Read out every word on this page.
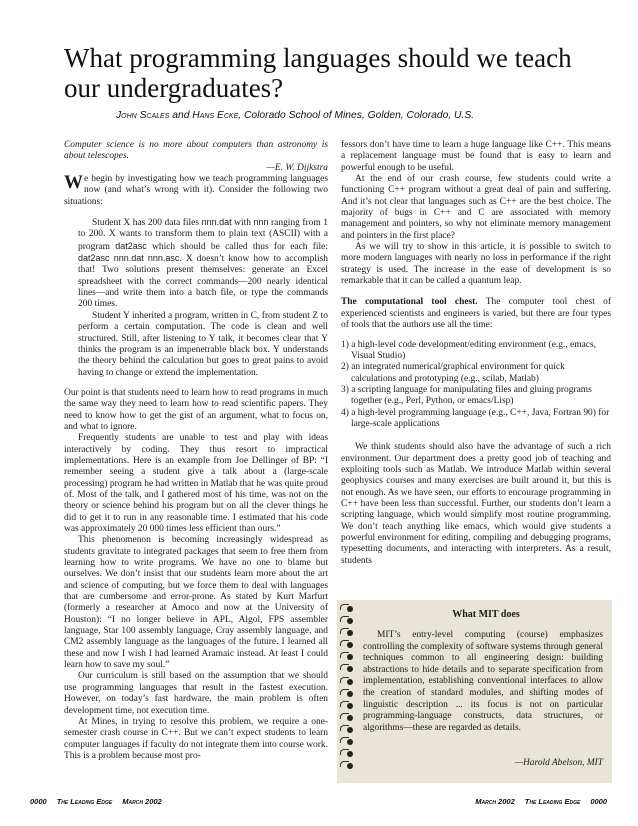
What programming languages should we teach our undergraduates?
John Scales and Hans Ecke, Colorado School of Mines, Golden, Colorado, U.S.

Computer science is no more about computers than astronomy is about telescopes.

—E. W. Dijkstra

We begin by investigating how we teach programming languages now (and what’s wrong with it). Consider the following two situations:

Student X has 200 data files nnn.dat with nnn ranging from 1 to 200. X wants to transform them to plain text (ASCII) with a program dat2asc which should be called thus for each file: dat2asc nnn.dat nnn.asc. X doesn’t know how to accomplish that! Two solutions present themselves: generate an Excel spreadsheet with the correct commands—200 nearly identical lines—and write them into a batch file, or type the commands 200 times.

Student Y inherited a program, written in C, from student Z to perform a certain computation. The code is clean and well structured. Still, after listening to Y talk, it becomes clear that Y thinks the program is an impenetrable black box. Y understands the theory behind the calculation but goes to great pains to avoid having to change or extend the implementation.

Our point is that students need to learn how to read programs in much the same way they need to learn how to read scientific papers. They need to know how to get the gist of an argument, what to focus on, and what to ignore.

Frequently students are unable to test and play with ideas interactively by coding. They thus resort to impractical implementations. Here is an example from Joe Dellinger of BP: “I remember seeing a student give a talk about a (large-scale processing) program he had written in Matlab that he was quite proud of. Most of the talk, and I gathered most of his time, was not on the theory or science behind his program but on all the clever things he did to get it to run in any reasonable time. I estimated that his code was approximately 20 000 times less efficient than ours.”

This phenomenon is becoming increasingly widespread as students gravitate to integrated packages that seem to free them from learning how to write programs. We have no one to blame but ourselves. We don’t insist that our students learn more about the art and science of computing, but we force them to deal with languages that are cumbersome and error-prone. As stated by Kurt Marfurt (formerly a researcher at Amoco and now at the University of Houston): “I no longer believe in APL, Algol, FPS assembler language, Star 100 assembly language, Cray assembly language, and CM2 assembly language as the languages of the future. I learned all these and now I wish I had learned Aramaic instead. At least I could learn how to save my soul.”

Our curriculum is still based on the assumption that we should use programming languages that result in the fastest execution. However, on today’s fast hardware, the main problem is often development time, not execution time.

At Mines, in trying to resolve this problem, we require a one-semester crash course in C++. But we can’t expect students to learn computer languages if faculty do not integrate them into course work. This is a problem because most pro-

fessors don’t have time to learn a huge language like C++. This means a replacement language must be found that is easy to learn and powerful enough to be useful.

At the end of our crash course, few students could write a functioning C++ program without a great deal of pain and suffering. And it’s not clear that languages such as C++ are the best choice. The majority of bugs in C++ and C are associated with memory management and pointers, so why not eliminate memory management and pointers in the first place?

As we will try to show in this article, it is possible to switch to more modern languages with nearly no loss in performance if the right strategy is used. The increase in the ease of development is so remarkable that it can be called a quantum leap.

The computational tool chest. The computer tool chest of experienced scientists and engineers is varied, but there are four types of tools that the authors use all the time:

1) a high-level code development/editing environment (e.g., emacs, Visual Studio)
2) an integrated numerical/graphical environment for quick calculations and prototyping (e.g., scilab, Matlab)
3) a scripting language for manipulating files and gluing programs together (e.g., Perl, Python, or emacs/Lisp)
4) a high-level programming language (e.g., C++, Java, Fortran 90) for large-scale applications

We think students should also have the advantage of such a rich environment. Our department does a pretty good job of teaching and exploiting tools such as Matlab. We introduce Matlab within several geophysics courses and many exercises are built around it, but this is not enough. As we have seen, our efforts to encourage programming in C++ have been less than successful. Further, our students don’t learn a scripting language, which would simplify most routine programming. We don’t teach anything like emacs, which would give students a powerful environment for editing, compiling and debugging programs, typesetting documents, and interacting with interpreters. As a result, students

What MIT does
MIT’s entry-level computing (course) emphasizes controlling the complexity of software systems through general techniques common to all engineering design: building abstractions to hide details and to separate specification from implementation, establishing conventional interfaces to allow the creation of standard modules, and shifting modes of linguistic description ... its focus is not on particular programming-language constructs, data structures, or algorithms—these are regarded as details.
—Harold Abelson, MIT
0000 The Leading Edge March 2002	March 2002 The Leading Edge 0000
